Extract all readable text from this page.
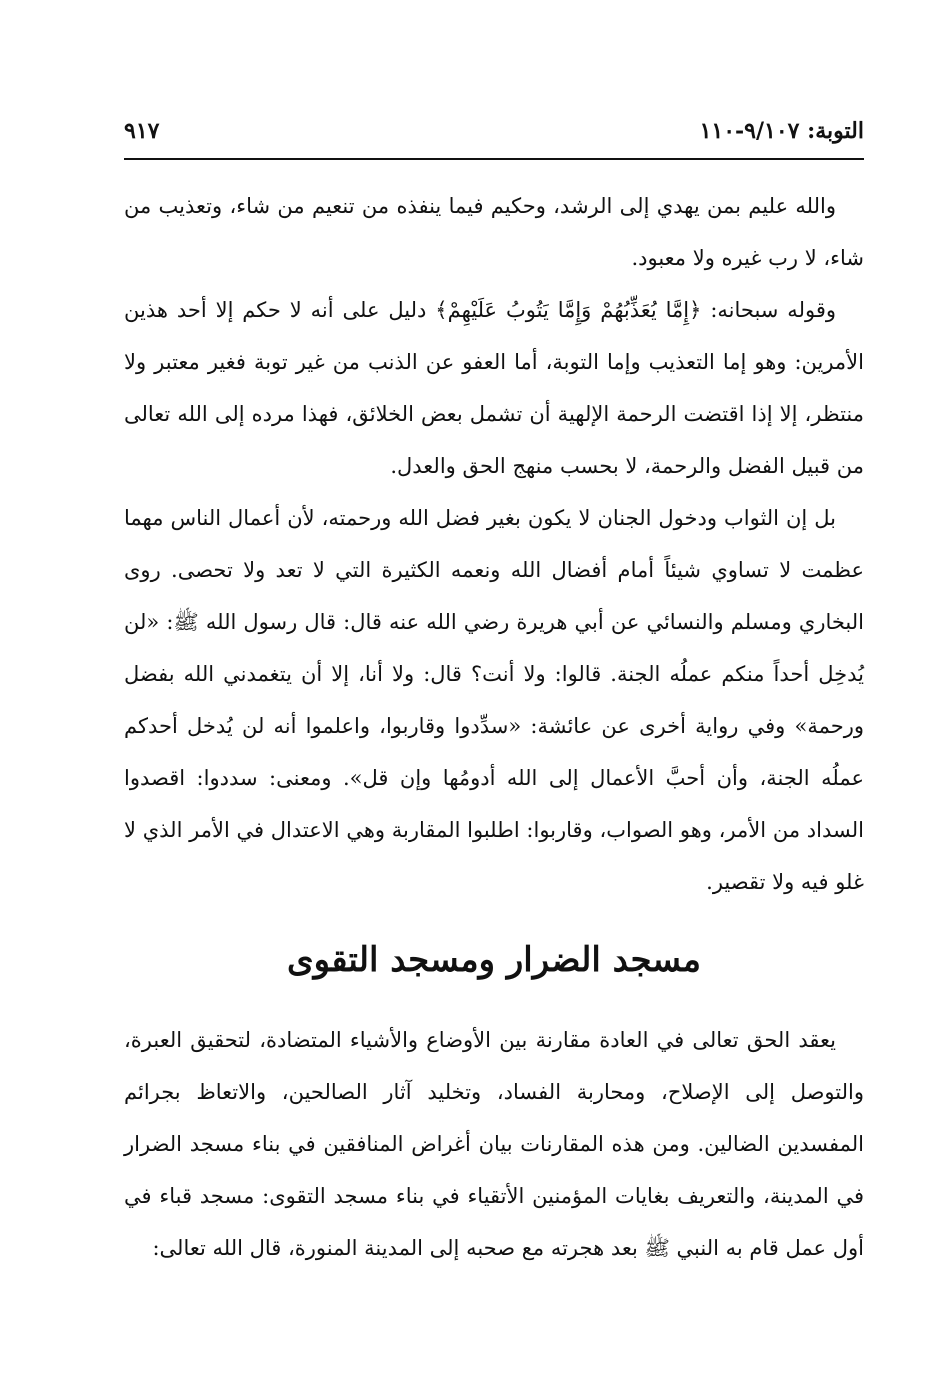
التوبة: ٩/١٠٧-١١٠
٩١٧

والله عليم بمن يهدي إلى الرشد، وحكيم فيما ينفذه من تنعيم من شاء، وتعذيب من شاء، لا رب غيره ولا معبود.

وقوله سبحانه: ﴿إِمَّا يُعَذِّبُهُمْ وَإِمَّا يَتُوبُ عَلَيْهِمْ﴾ دليل على أنه لا حكم إلا أحد هذين الأمرين: وهو إما التعذيب وإما التوبة، أما العفو عن الذنب من غير توبة فغير معتبر ولا منتظر، إلا إذا اقتضت الرحمة الإلهية أن تشمل بعض الخلائق، فهذا مرده إلى الله تعالى من قبيل الفضل والرحمة، لا بحسب منهج الحق والعدل.

بل إن الثواب ودخول الجنان لا يكون بغير فضل الله ورحمته، لأن أعمال الناس مهما عظمت لا تساوي شيئاً أمام أفضال الله ونعمه الكثيرة التي لا تعد ولا تحصى. روى البخاري ومسلم والنسائي عن أبي هريرة رضي الله عنه قال: قال رسول الله ﷺ: «لن يُدخِل أحداً منكم عملُه الجنة. قالوا: ولا أنت؟ قال: ولا أنا، إلا أن يتغمدني الله بفضل ورحمة» وفي رواية أخرى عن عائشة: «سدِّدوا وقاربوا، واعلموا أنه لن يُدخل أحدكم عملُه الجنة، وأن أحبَّ الأعمال إلى الله أدومُها وإن قل». ومعنى: سددوا: اقصدوا السداد من الأمر، وهو الصواب، وقاربوا: اطلبوا المقاربة وهي الاعتدال في الأمر الذي لا غلو فيه ولا تقصير.

مسجد الضرار ومسجد التقوى

يعقد الحق تعالى في العادة مقارنة بين الأوضاع والأشياء المتضادة، لتحقيق العبرة، والتوصل إلى الإصلاح، ومحاربة الفساد، وتخليد آثار الصالحين، والاتعاظ بجرائم المفسدين الضالين. ومن هذه المقارنات بيان أغراض المنافقين في بناء مسجد الضرار في المدينة، والتعريف بغايات المؤمنين الأتقياء في بناء مسجد التقوى: مسجد قباء في أول عمل قام به النبي ﷺ بعد هجرته مع صحبه إلى المدينة المنورة، قال الله تعالى:
